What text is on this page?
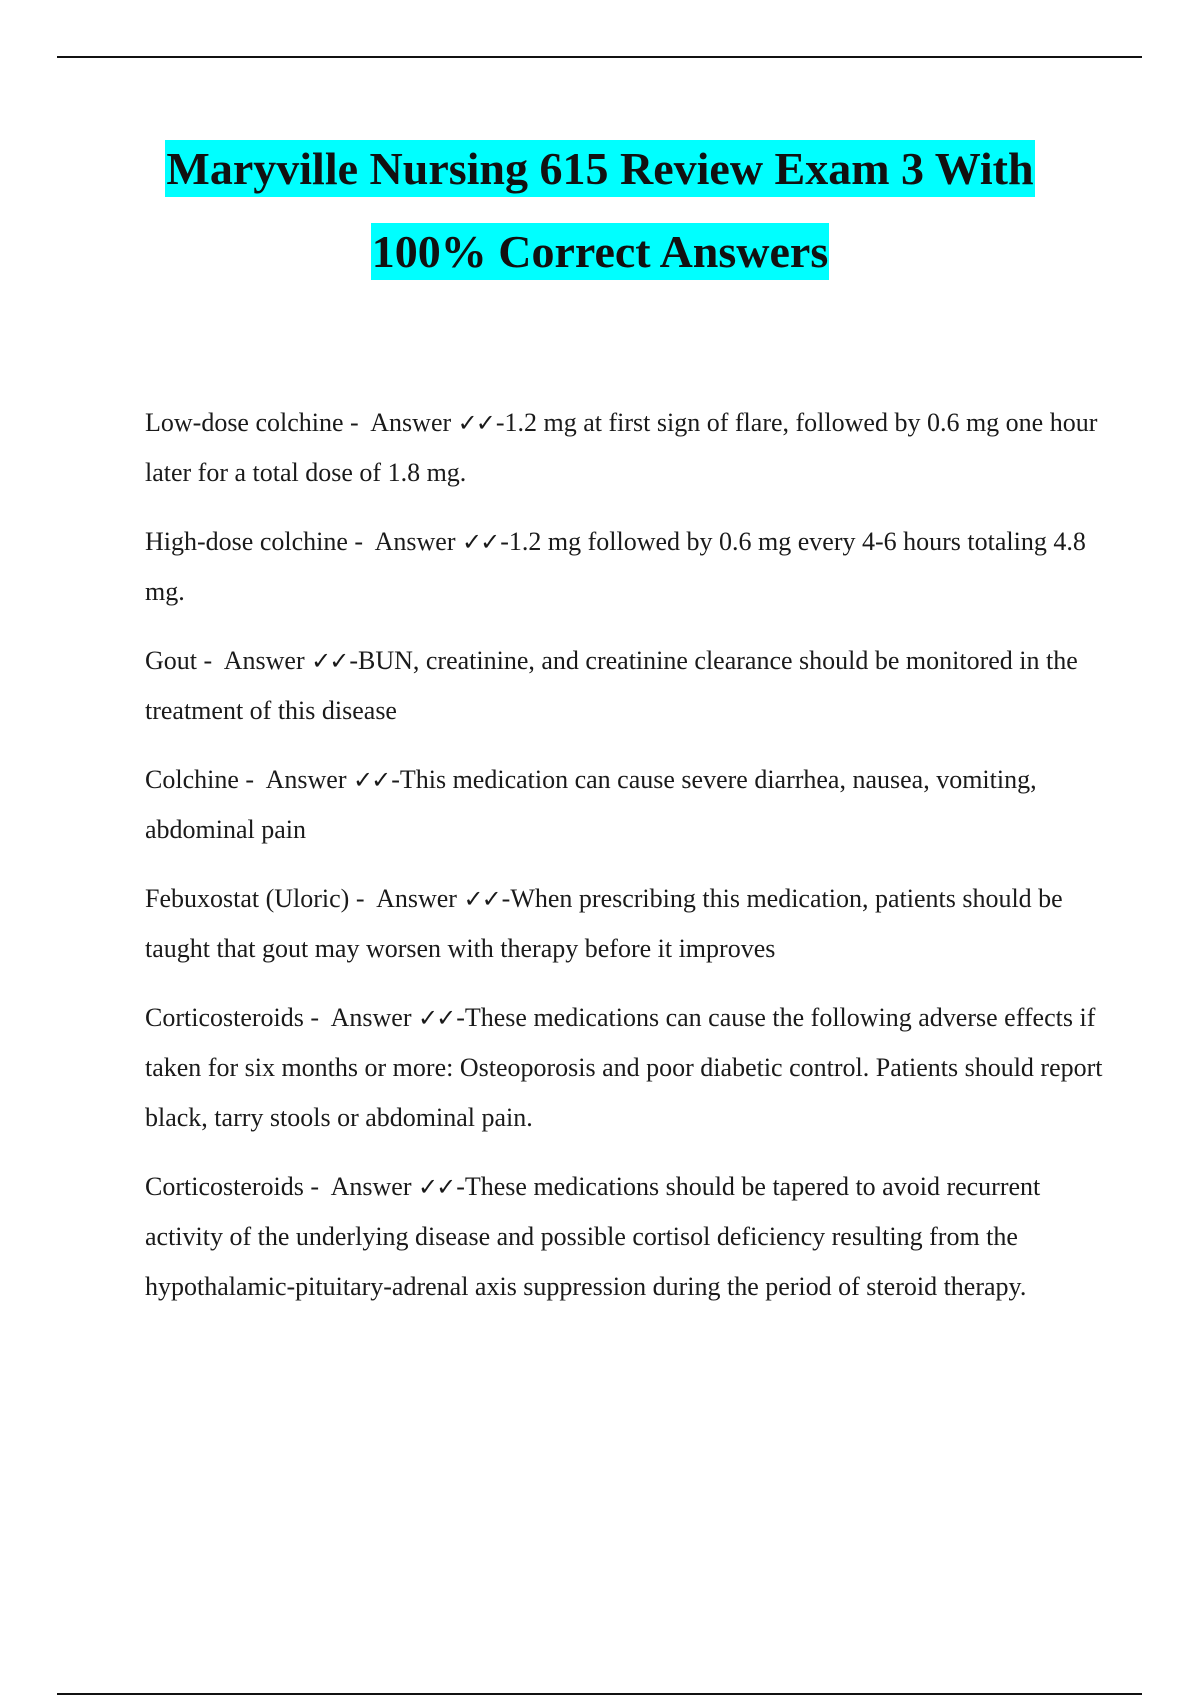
Maryville Nursing 615 Review Exam 3 With
100% Correct Answers

Low-dose colchine -  Answer ✓✓-1.2 mg at first sign of flare, followed by 0.6 mg one hour later for a total dose of 1.8 mg.

High-dose colchine -  Answer ✓✓-1.2 mg followed by 0.6 mg every 4-6 hours totaling 4.8 mg.

Gout -  Answer ✓✓-BUN, creatinine, and creatinine clearance should be monitored in the treatment of this disease

Colchine -  Answer ✓✓-This medication can cause severe diarrhea, nausea, vomiting, abdominal pain

Febuxostat (Uloric) -  Answer ✓✓-When prescribing this medication, patients should be taught that gout may worsen with therapy before it improves

Corticosteroids -  Answer ✓✓-These medications can cause the following adverse effects if taken for six months or more: Osteoporosis and poor diabetic control. Patients should report black, tarry stools or abdominal pain.

Corticosteroids -  Answer ✓✓-These medications should be tapered to avoid recurrent activity of the underlying disease and possible cortisol deficiency resulting from the hypothalamic-pituitary-adrenal axis suppression during the period of steroid therapy.
